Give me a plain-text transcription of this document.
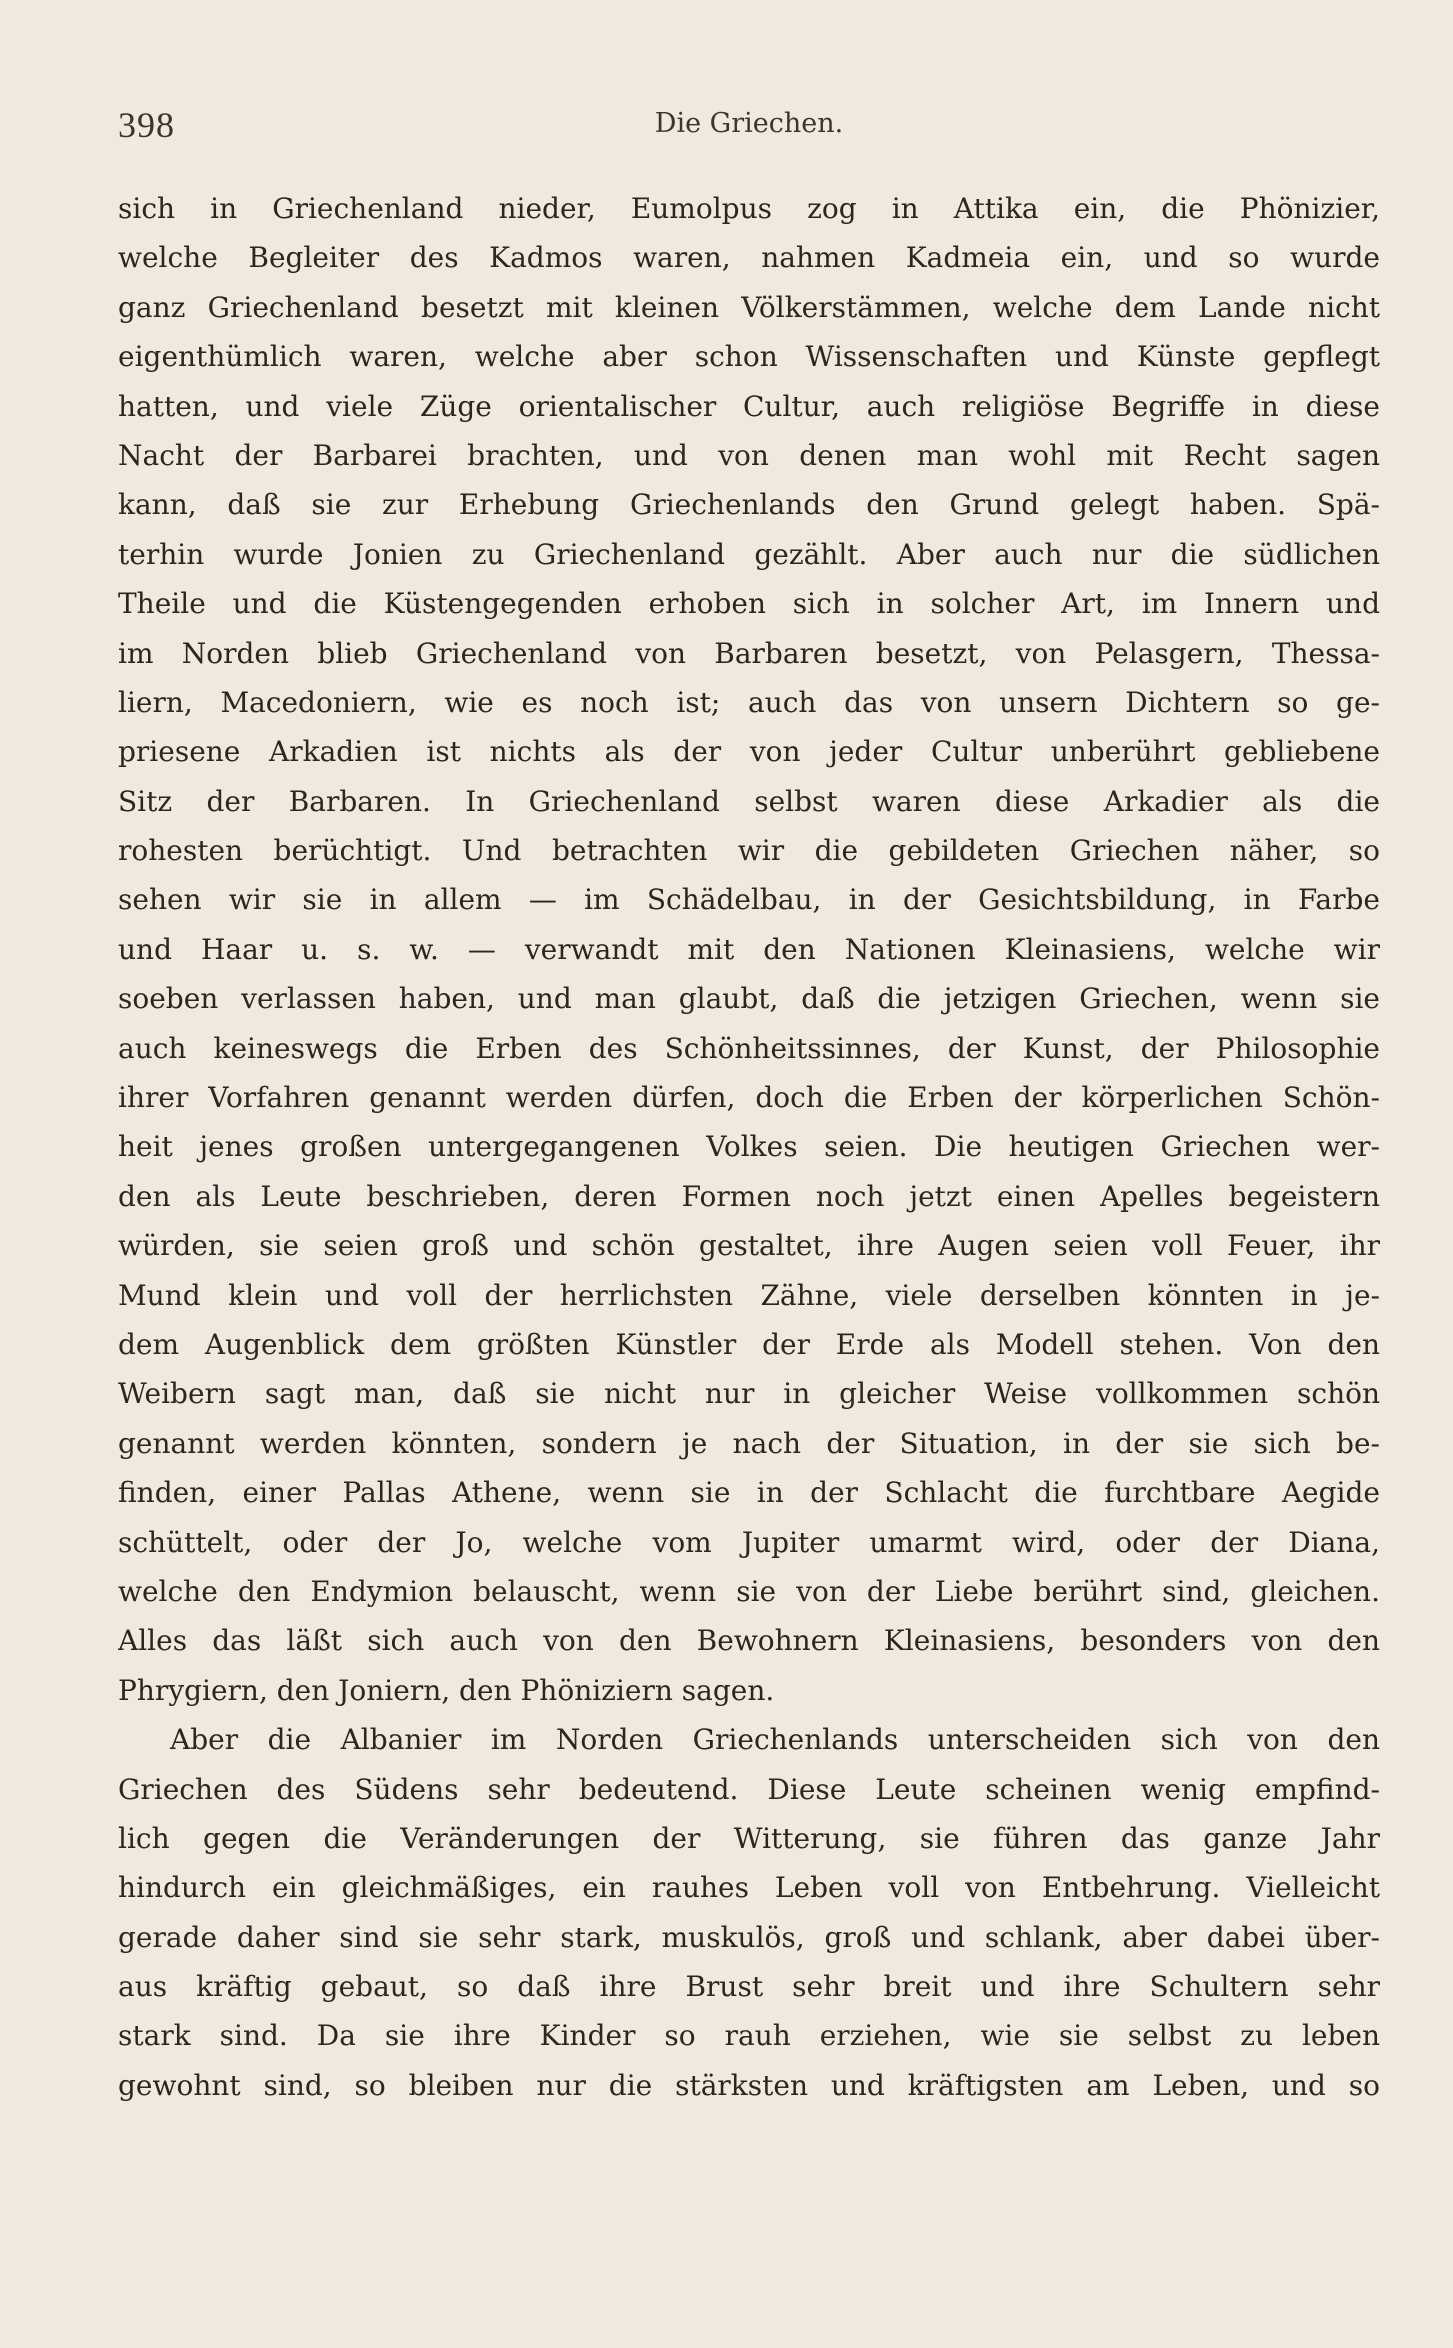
398	Die Griechen.
sich in Griechenland nieder, Eumolpus zog in Attika ein, die Phönizier,
welche Begleiter des Kadmos waren, nahmen Kadmeia ein, und so wurde
ganz Griechenland besetzt mit kleinen Völkerstämmen, welche dem Lande nicht
eigenthümlich waren, welche aber schon Wissenschaften und Künste gepflegt
hatten, und viele Züge orientalischer Cultur, auch religiöse Begriffe in diese
Nacht der Barbarei brachten, und von denen man wohl mit Recht sagen
kann, daß sie zur Erhebung Griechenlands den Grund gelegt haben. Spä-
terhin wurde Jonien zu Griechenland gezählt. Aber auch nur die südlichen
Theile und die Küstengegenden erhoben sich in solcher Art, im Innern und
im Norden blieb Griechenland von Barbaren besetzt, von Pelasgern, Thessa-
liern, Macedoniern, wie es noch ist; auch das von unsern Dichtern so ge-
priesene Arkadien ist nichts als der von jeder Cultur unberührt gebliebene
Sitz der Barbaren. In Griechenland selbst waren diese Arkadier als die
rohesten berüchtigt. Und betrachten wir die gebildeten Griechen näher, so
sehen wir sie in allem — im Schädelbau, in der Gesichtsbildung, in Farbe
und Haar u. s. w. — verwandt mit den Nationen Kleinasiens, welche wir
soeben verlassen haben, und man glaubt, daß die jetzigen Griechen, wenn sie
auch keineswegs die Erben des Schönheitssinnes, der Kunst, der Philosophie
ihrer Vorfahren genannt werden dürfen, doch die Erben der körperlichen Schön-
heit jenes großen untergegangenen Volkes seien. Die heutigen Griechen wer-
den als Leute beschrieben, deren Formen noch jetzt einen Apelles begeistern
würden, sie seien groß und schön gestaltet, ihre Augen seien voll Feuer, ihr
Mund klein und voll der herrlichsten Zähne, viele derselben könnten in je-
dem Augenblick dem größten Künstler der Erde als Modell stehen. Von den
Weibern sagt man, daß sie nicht nur in gleicher Weise vollkommen schön
genannt werden könnten, sondern je nach der Situation, in der sie sich be-
finden, einer Pallas Athene, wenn sie in der Schlacht die furchtbare Aegide
schüttelt, oder der Jo, welche vom Jupiter umarmt wird, oder der Diana,
welche den Endymion belauscht, wenn sie von der Liebe berührt sind, gleichen.
Alles das läßt sich auch von den Bewohnern Kleinasiens, besonders von den
Phrygiern, den Joniern, den Phöniziern sagen.
Aber die Albanier im Norden Griechenlands unterscheiden sich von den
Griechen des Südens sehr bedeutend. Diese Leute scheinen wenig empfind-
lich gegen die Veränderungen der Witterung, sie führen das ganze Jahr
hindurch ein gleichmäßiges, ein rauhes Leben voll von Entbehrung. Vielleicht
gerade daher sind sie sehr stark, muskulös, groß und schlank, aber dabei über-
aus kräftig gebaut, so daß ihre Brust sehr breit und ihre Schultern sehr
stark sind. Da sie ihre Kinder so rauh erziehen, wie sie selbst zu leben
gewohnt sind, so bleiben nur die stärksten und kräftigsten am Leben, und so
